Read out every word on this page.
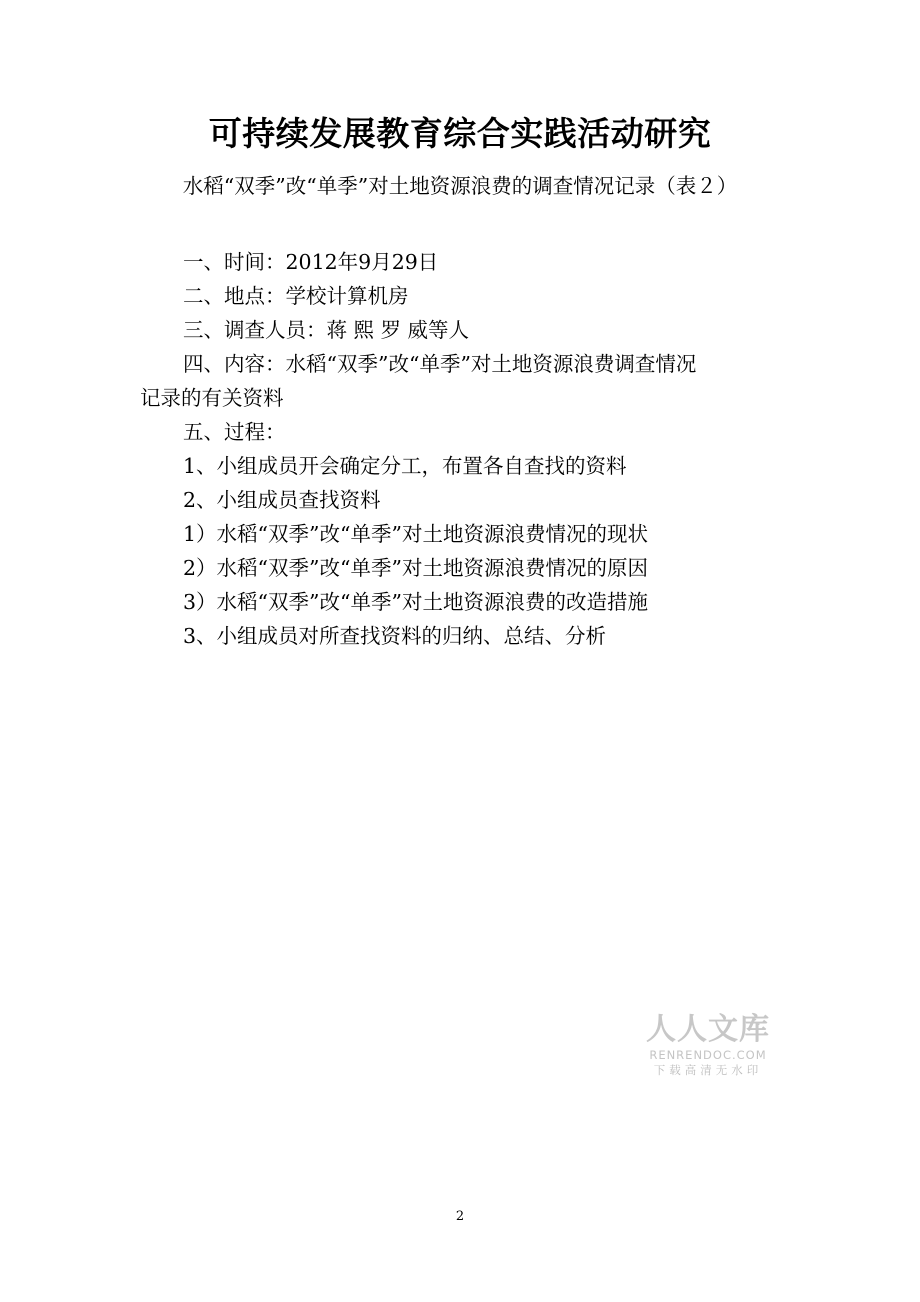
可持续发展教育综合实践活动研究
水稻“双季”改“单季”对土地资源浪费的调查情况记录（表２）
一、时间：2012年9月29日
二、地点：学校计算机房
三、调查人员：蒋 熙 罗 威等人
四、内容：水稻“双季”改“单季”对土地资源浪费调查情况
记录的有关资料
五、过程：
1、小组成员开会确定分工，布置各自查找的资料
2、小组成员查找资料
1）水稻“双季”改“单季”对土地资源浪费情况的现状
2）水稻“双季”改“单季”对土地资源浪费情况的原因
3）水稻“双季”改“单季”对土地资源浪费的改造措施
3、小组成员对所查找资料的归纳、总结、分析
人人文库
RENRENDOC.COM
下载高清无水印
2
